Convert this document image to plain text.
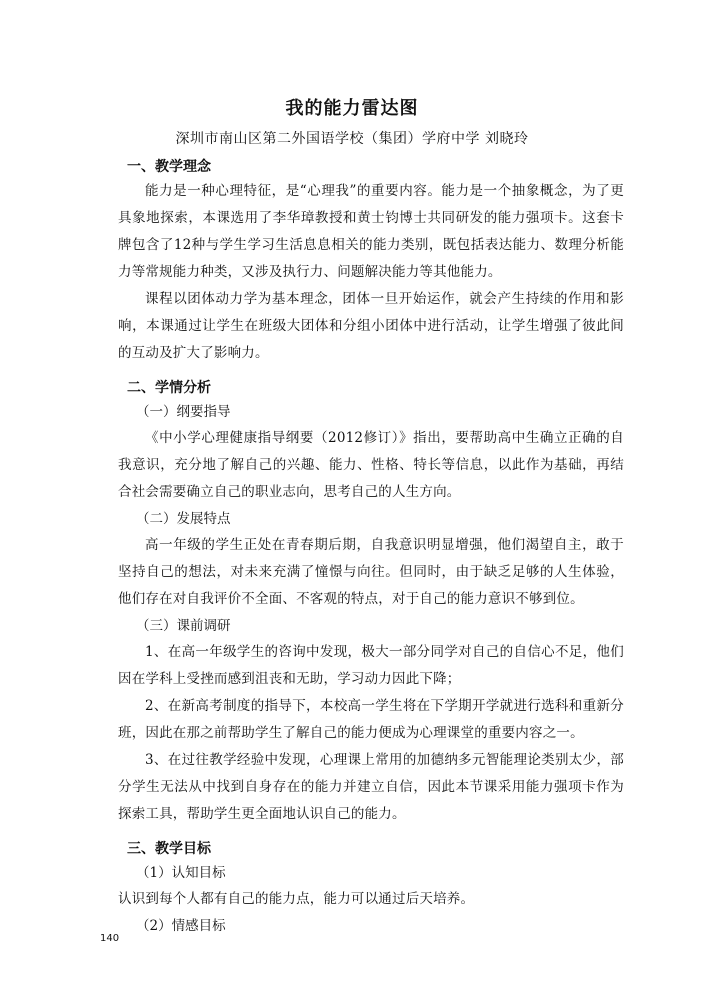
我的能力雷达图
深圳市南山区第二外国语学校（集团）学府中学 刘晓玲
一、教学理念
能力是一种心理特征，是“心理我”的重要内容。能力是一个抽象概念，为了更具象地探索，本课选用了李华璋教授和黄士钧博士共同研发的能力强项卡。这套卡牌包含了12种与学生学习生活息息相关的能力类别，既包括表达能力、数理分析能力等常规能力种类，又涉及执行力、问题解决能力等其他能力。
课程以团体动力学为基本理念，团体一旦开始运作，就会产生持续的作用和影响，本课通过让学生在班级大团体和分组小团体中进行活动，让学生增强了彼此间的互动及扩大了影响力。
二、学情分析
（一）纲要指导
《中小学心理健康指导纲要（2012修订）》指出，要帮助高中生确立正确的自我意识，充分地了解自己的兴趣、能力、性格、特长等信息，以此作为基础，再结合社会需要确立自己的职业志向，思考自己的人生方向。
（二）发展特点
高一年级的学生正处在青春期后期，自我意识明显增强，他们渴望自主，敢于坚持自己的想法，对未来充满了憧憬与向往。但同时，由于缺乏足够的人生体验，他们存在对自我评价不全面、不客观的特点，对于自己的能力意识不够到位。
（三）课前调研
1、在高一年级学生的咨询中发现，极大一部分同学对自己的自信心不足，他们因在学科上受挫而感到沮丧和无助，学习动力因此下降；
2、在新高考制度的指导下，本校高一学生将在下学期开学就进行选科和重新分班，因此在那之前帮助学生了解自己的能力便成为心理课堂的重要内容之一。
3、在过往教学经验中发现，心理课上常用的加德纳多元智能理论类别太少，部分学生无法从中找到自身存在的能力并建立自信，因此本节课采用能力强项卡作为探索工具，帮助学生更全面地认识自己的能力。
三、教学目标
（1）认知目标
认识到每个人都有自己的能力点，能力可以通过后天培养。
（2）情感目标
140
